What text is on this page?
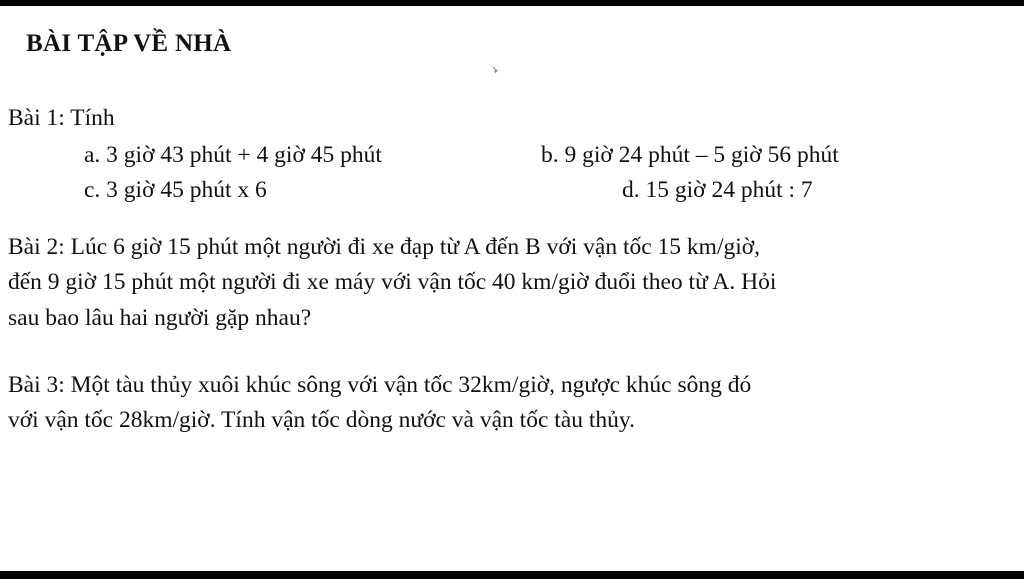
BÀI TẬP VỀ NHÀ
Bài 1: Tính
a. 3 giờ 43 phút + 4 giờ 45 phút	b. 9 giờ 24 phút – 5 giờ 56 phút
c. 3 giờ 45 phút x 6	d. 15 giờ 24 phút : 7
Bài 2: Lúc 6 giờ 15 phút một người đi xe đạp từ A đến B với vận tốc 15 km/giờ,
đến 9 giờ 15 phút một người đi xe máy với vận tốc 40 km/giờ đuổi theo từ A. Hỏi
sau bao lâu hai người gặp nhau?
Bài 3: Một tàu thủy xuôi khúc sông với vận tốc 32km/giờ, ngược khúc sông đó
với vận tốc 28km/giờ. Tính vận tốc dòng nước và vận tốc tàu thủy.
